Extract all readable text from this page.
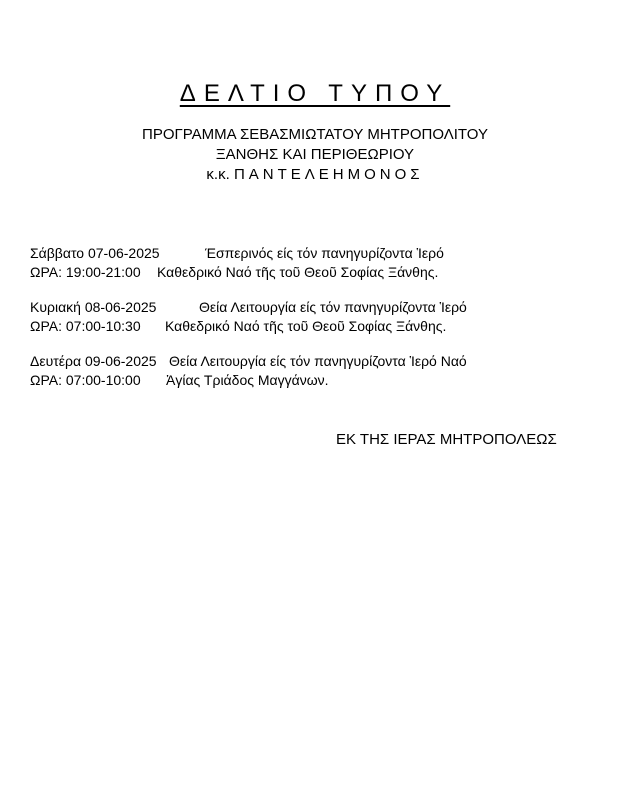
ΔΕΛΤΙΟ ΤΥΠΟΥ
ΠΡΟΓΡΑΜΜΑ ΣΕΒΑΣΜΙΩΤΑΤΟΥ ΜΗΤΡΟΠΟΛΙΤΟΥ
ΞΑΝΘΗΣ ΚΑΙ ΠΕΡΙΘΕΩΡΙΟΥ
κ.κ. ΠΑΝΤΕΛΕΗΜΟΝΟΣ
Σάββατο 07-06-2025	Έσπερινός είς τόν πανηγυρίζοντα Ἱερό
ΩΡΑ: 19:00-21:00 Καθεδρικό Ναό τῆς τοῦ Θεοῦ Σοφίας Ξάνθης.
Κυριακή 08-06-2025	Θεία Λειτουργία είς τόν πανηγυρίζοντα Ἱερό
ΩΡΑ: 07:00-10:30 Καθεδρικό Ναό τῆς τοῦ Θεοῦ Σοφίας Ξάνθης.
Δευτέρα 09-06-2025 Θεία Λειτουργία είς τόν πανηγυρίζοντα Ἱερό Ναό
ΩΡΑ: 07:00-10:00 Ἁγίας Τριάδος Μαγγάνων.
ΕΚ ΤΗΣ ΙΕΡΑΣ ΜΗΤΡΟΠΟΛΕΩΣ
